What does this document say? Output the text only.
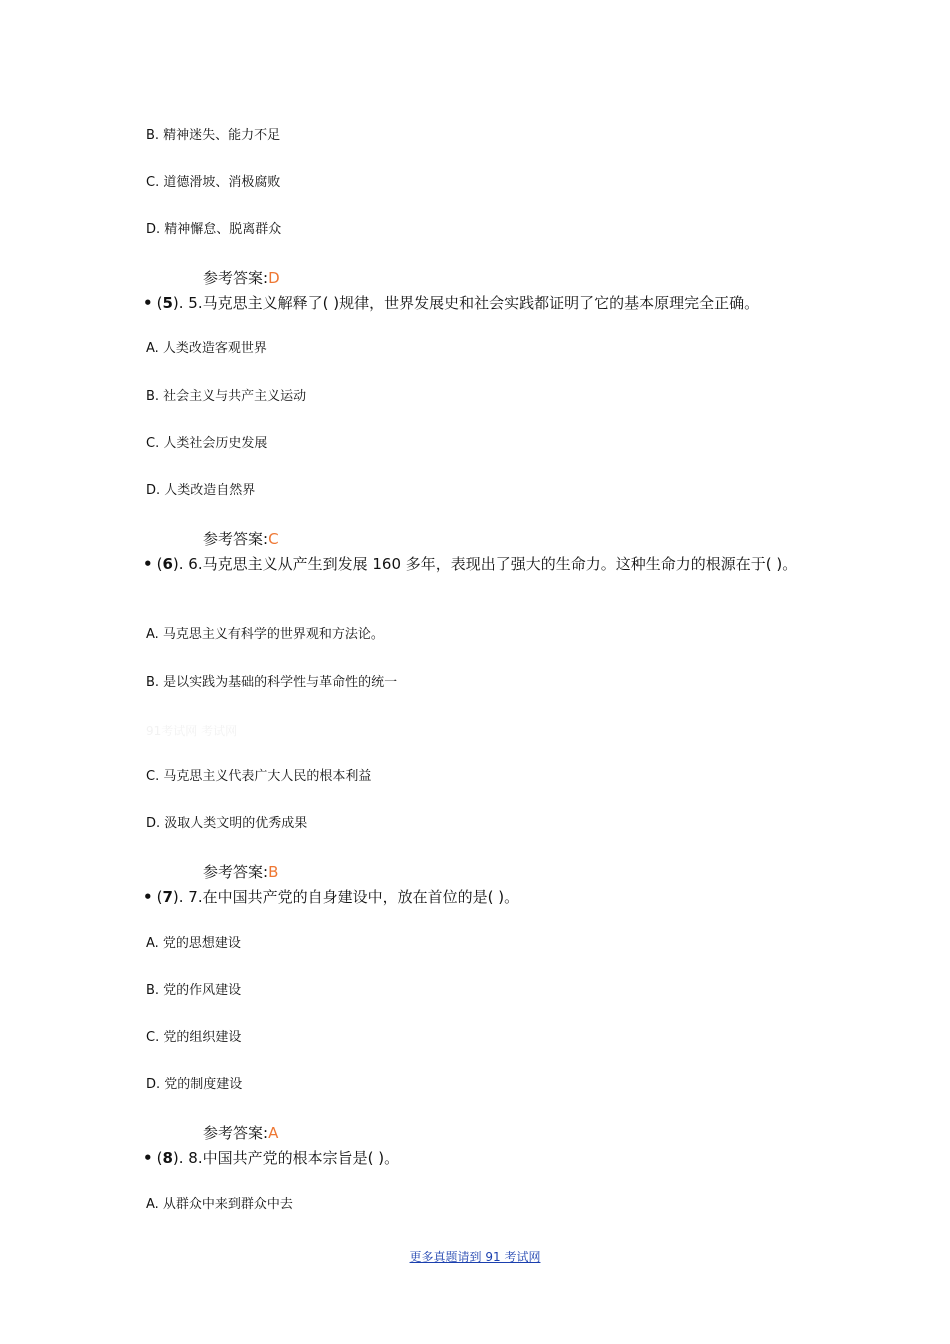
B. 精神迷失、能力不足
C. 道德滑坡、消极腐败
D. 精神懈怠、脱离群众
参考答案:D
• (5). 5.马克思主义解释了( )规律，世界发展史和社会实践都证明了它的基本原理完全正确。
A. 人类改造客观世界
B. 社会主义与共产主义运动
C. 人类社会历史发展
D. 人类改造自然界
参考答案:C
• (6). 6.马克思主义从产生到发展 160 多年，表现出了强大的生命力。这种生命力的根源在于( )。
A. 马克思主义有科学的世界观和方法论。
B. 是以实践为基础的科学性与革命性的统一
91考试网 考试网
C. 马克思主义代表广大人民的根本利益
D. 汲取人类文明的优秀成果
参考答案:B
• (7). 7.在中国共产党的自身建设中，放在首位的是( )。
A. 党的思想建设
B. 党的作风建设
C. 党的组织建设
D. 党的制度建设
参考答案:A
• (8). 8.中国共产党的根本宗旨是( )。
A. 从群众中来到群众中去
更多真题请到 91 考试网
